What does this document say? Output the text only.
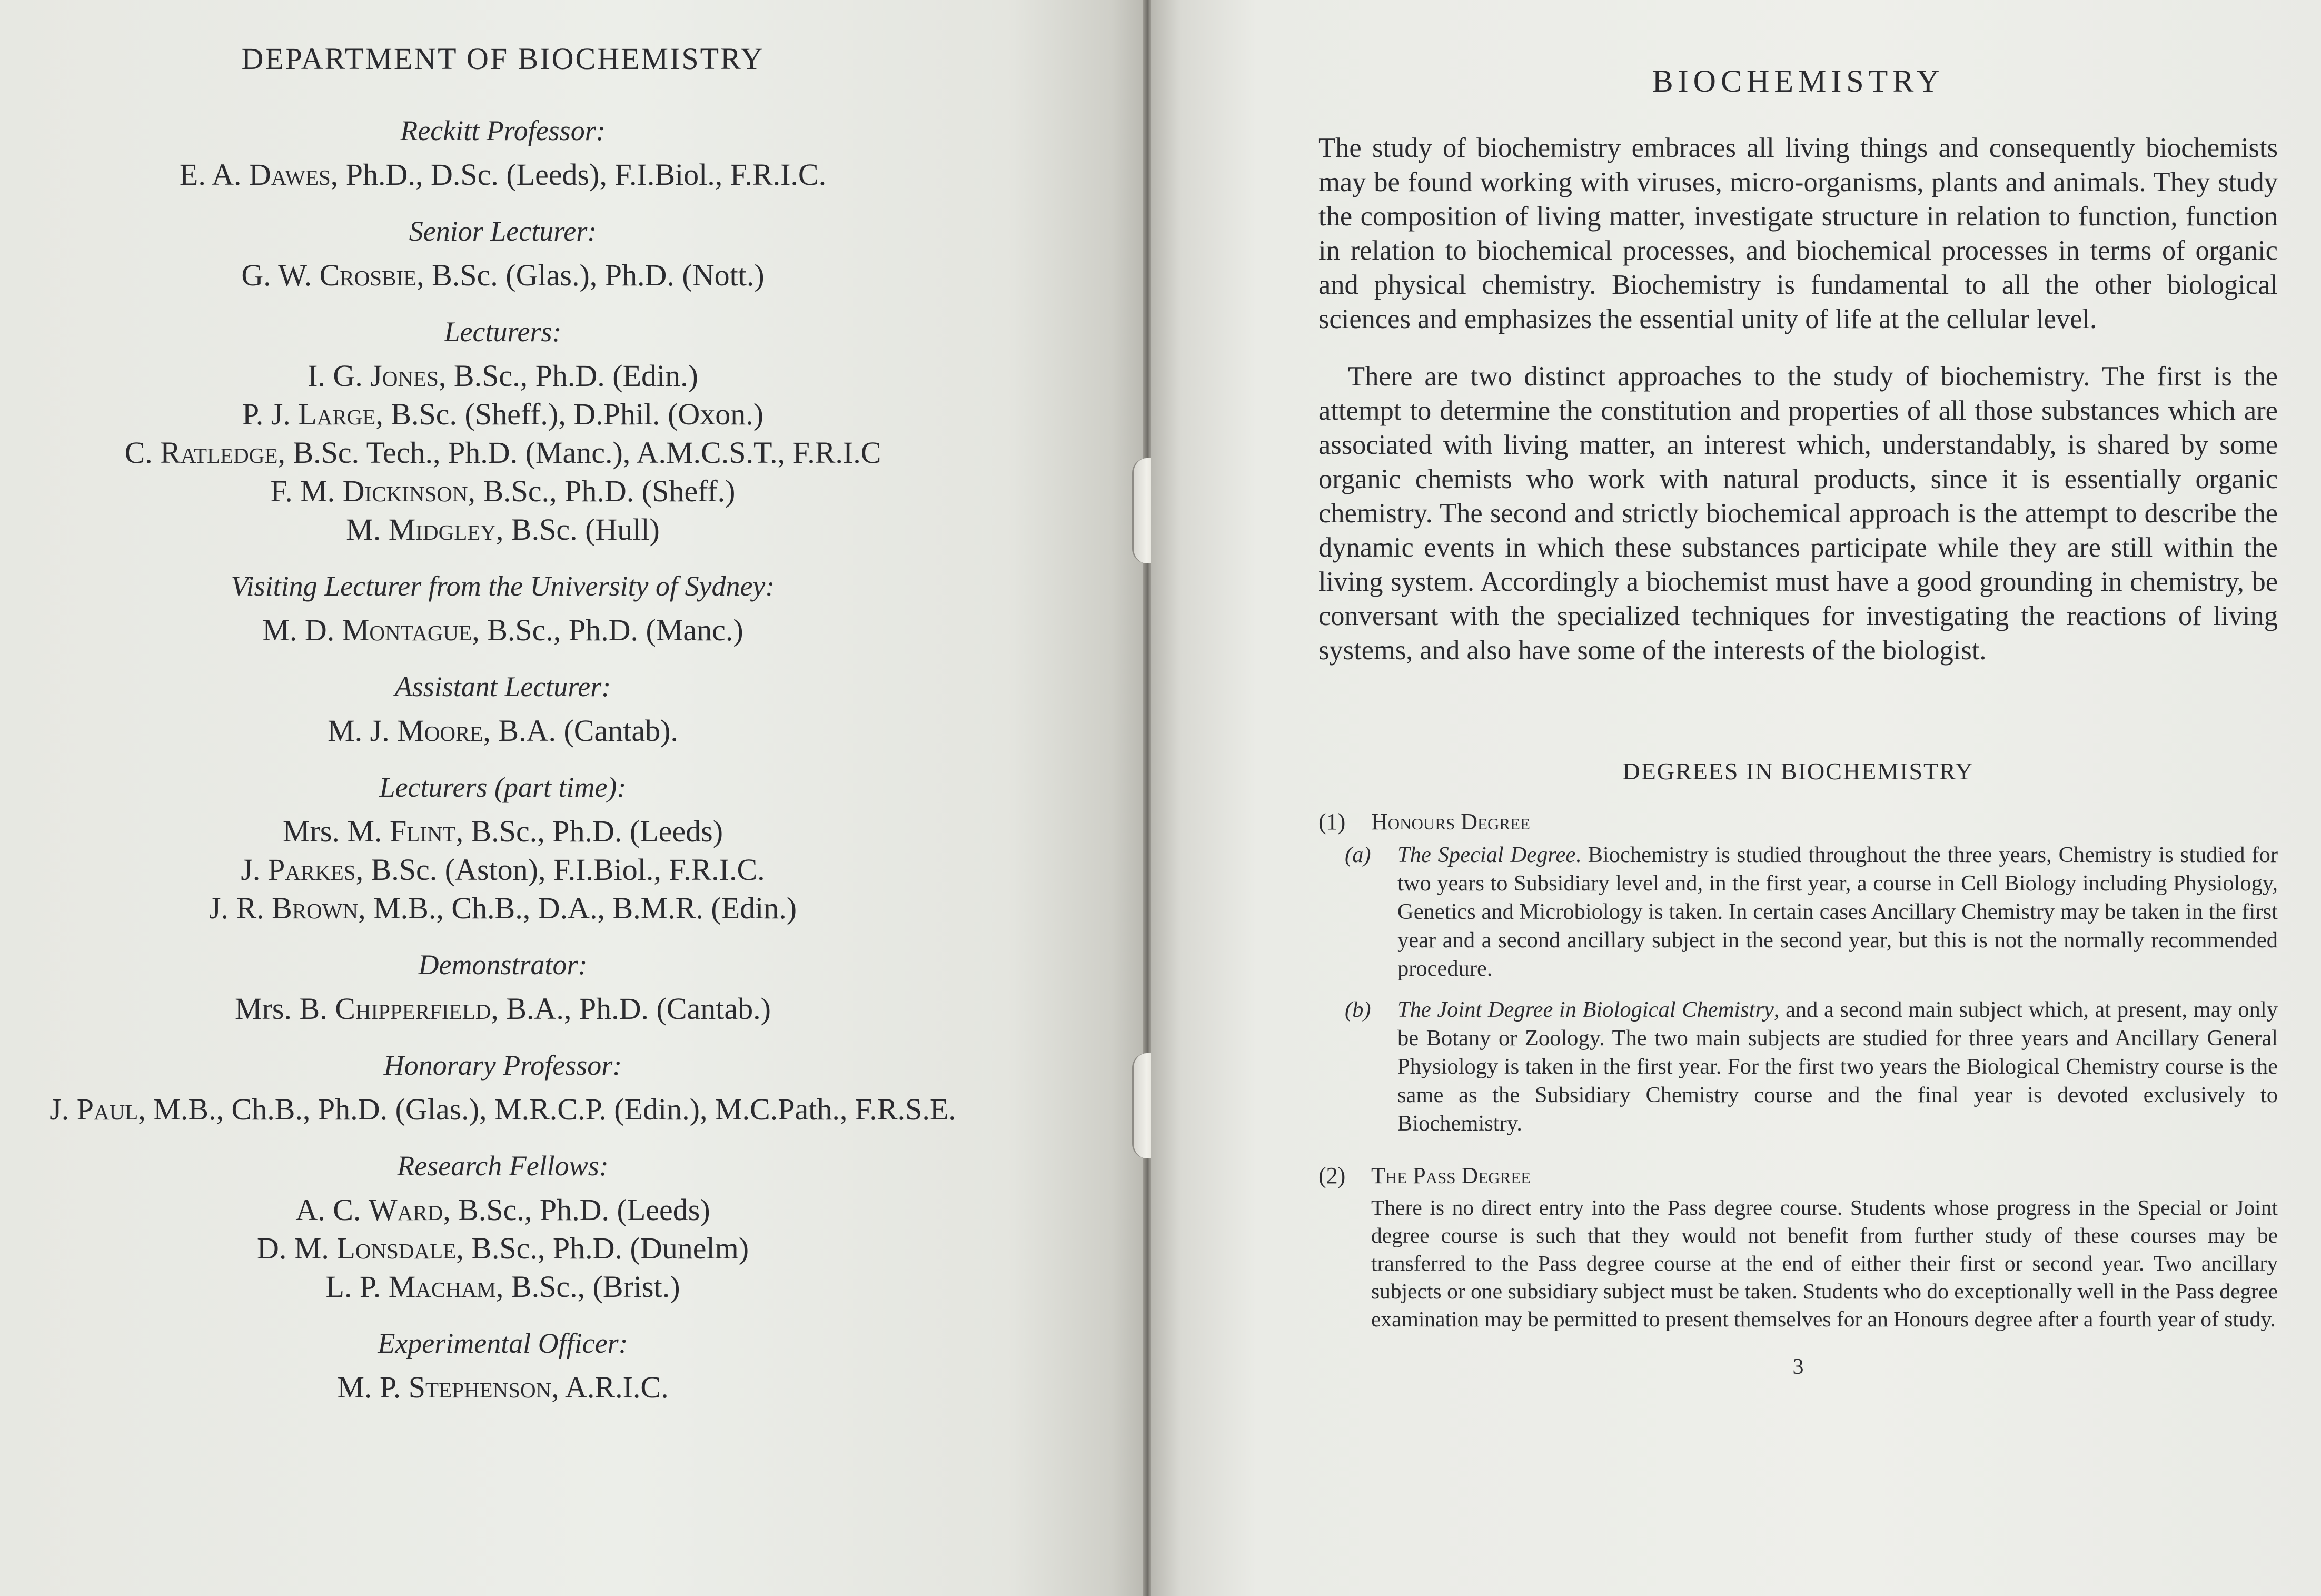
DEPARTMENT OF BIOCHEMISTRY
Reckitt Professor:
E. A. Dawes, Ph.D., D.Sc. (Leeds), F.I.Biol., F.R.I.C.
Senior Lecturer:
G. W. Crosbie, B.Sc. (Glas.), Ph.D. (Nott.)
Lecturers:
I. G. Jones, B.Sc., Ph.D. (Edin.)
P. J. Large, B.Sc. (Sheff.), D.Phil. (Oxon.)
C. Ratledge, B.Sc. Tech., Ph.D. (Manc.), A.M.C.S.T., F.R.I.C
F. M. Dickinson, B.Sc., Ph.D. (Sheff.)
M. Midgley, B.Sc. (Hull)
Visiting Lecturer from the University of Sydney:
M. D. Montague, B.Sc., Ph.D. (Manc.)
Assistant Lecturer:
M. J. Moore, B.A. (Cantab).
Lecturers (part time):
Mrs. M. Flint, B.Sc., Ph.D. (Leeds)
J. Parkes, B.Sc. (Aston), F.I.Biol., F.R.I.C.
J. R. Brown, M.B., Ch.B., D.A., B.M.R. (Edin.)
Demonstrator:
Mrs. B. Chipperfield, B.A., Ph.D. (Cantab.)
Honorary Professor:
J. Paul, M.B., Ch.B., Ph.D. (Glas.), M.R.C.P. (Edin.), M.C.Path., F.R.S.E.
Research Fellows:
A. C. Ward, B.Sc., Ph.D. (Leeds)
D. M. Lonsdale, B.Sc., Ph.D. (Dunelm)
L. P. Macham, B.Sc., (Brist.)
Experimental Officer:
M. P. Stephenson, A.R.I.C.
BIOCHEMISTRY

The study of biochemistry embraces all living things and consequently biochemists may be found working with viruses, micro-organisms, plants and animals. They study the composition of living matter, investigate structure in relation to function, function in relation to biochemical processes, and biochemical processes in terms of organic and physical chemistry. Biochemistry is fundamental to all the other biological sciences and emphasizes the essential unity of life at the cellular level.

There are two distinct approaches to the study of biochemistry. The first is the attempt to determine the constitution and properties of all those substances which are associated with living matter, an interest which, understandably, is shared by some organic chemists who work with natural products, since it is essentially organic chemistry. The second and strictly biochemical approach is the attempt to describe the dynamic events in which these substances participate while they are still within the living system. Accordingly a biochemist must have a good grounding in chemistry, be conversant with the specialized techniques for investigating the reactions of living systems, and also have some of the interests of the biologist.

DEGREES IN BIOCHEMISTRY
(1)	Honours Degree
(a)	The Special Degree. Biochemistry is studied throughout the three years, Chemistry is studied for two years to Subsidiary level and, in the first year, a course in Cell Biology including Physiology, Genetics and Microbiology is taken. In certain cases Ancillary Chemistry may be taken in the first year and a second ancillary subject in the second year, but this is not the normally recommended procedure.
(b)	The Joint Degree in Biological Chemistry, and a second main subject which, at present, may only be Botany or Zoology. The two main subjects are studied for three years and Ancillary General Physiology is taken in the first year. For the first two years the Biological Chemistry course is the same as the Subsidiary Chemistry course and the final year is devoted exclusively to Biochemistry.
(2)	The Pass Degree

There is no direct entry into the Pass degree course. Students whose progress in the Special or Joint degree course is such that they would not benefit from further study of these courses may be transferred to the Pass degree course at the end of either their first or second year. Two ancillary subjects or one subsidiary subject must be taken. Students who do exceptionally well in the Pass degree examination may be permitted to present themselves for an Honours degree after a fourth year of study.

3
